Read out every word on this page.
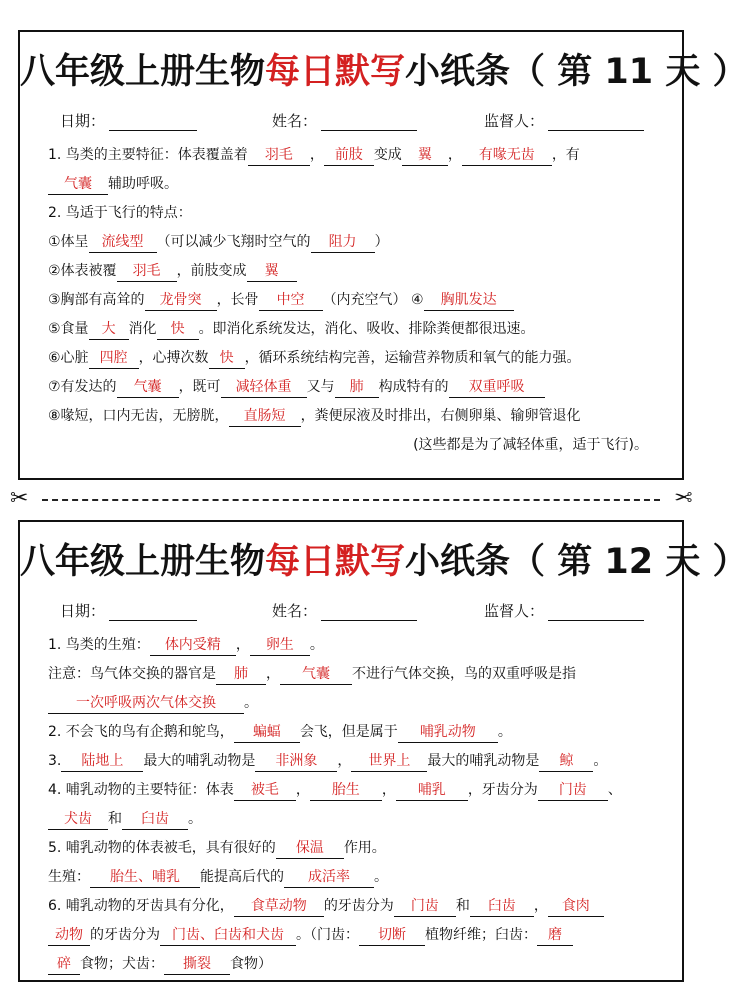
八年级上册生物每日默写小纸条（ 第 11 天 ）
日期：	姓名：	监督人：
1. 鸟类的主要特征：体表覆盖着 羽毛 ， 前肢 变成 翼 ， 有喙无齿 ，有
气囊 辅助呼吸。
2. 鸟适于飞行的特点：
①体呈 流线型 （可以减少飞翔时空气的 阻力 ）
②体表被覆 羽毛 ，前肢变成 翼
③胸部有高耸的 龙骨突 ，长骨 中空 （内充空气） ④ 胸肌发达
⑤食量 大 消化 快 。即消化系统发达，消化、吸收、排除粪便都很迅速。
⑥心脏 四腔 ，心搏次数 快 ，循环系统结构完善，运输营养物质和氧气的能力强。
⑦有发达的 气囊 ，既可 减轻体重 又与 肺 构成特有的 双重呼吸
⑧喙短，口内无齿，无膀胱， 直肠短 ，粪便尿液及时排出，右侧卵巢、输卵管退化
(这些都是为了减轻体重，适于飞行)。
✂	✂
八年级上册生物每日默写小纸条（ 第 12 天 ）
日期：	姓名：	监督人：
1. 鸟类的生殖： 体内受精 ， 卵生 。
注意：鸟气体交换的器官是 肺 ， 气囊 不进行气体交换，鸟的双重呼吸是指
一次呼吸两次气体交换 。
2. 不会飞的鸟有企鹅和鸵鸟， 蝙蝠 会飞，但是属于 哺乳动物 。
3. 陆地上 最大的哺乳动物是 非洲象 ， 世界上 最大的哺乳动物是 鲸 。
4. 哺乳动物的主要特征：体表 被毛 ， 胎生 ， 哺乳 ，牙齿分为 门齿 、
犬齿 和 臼齿 。
5. 哺乳动物的体表被毛，具有很好的 保温 作用。
生殖： 胎生、哺乳 能提高后代的 成活率 。
6. 哺乳动物的牙齿具有分化， 食草动物 的牙齿分为 门齿 和 臼齿 ， 食肉
动物 的牙齿分为 门齿、臼齿和犬齿 。（门齿： 切断 植物纤维；臼齿： 磨
碎 食物；犬齿： 撕裂 食物）
